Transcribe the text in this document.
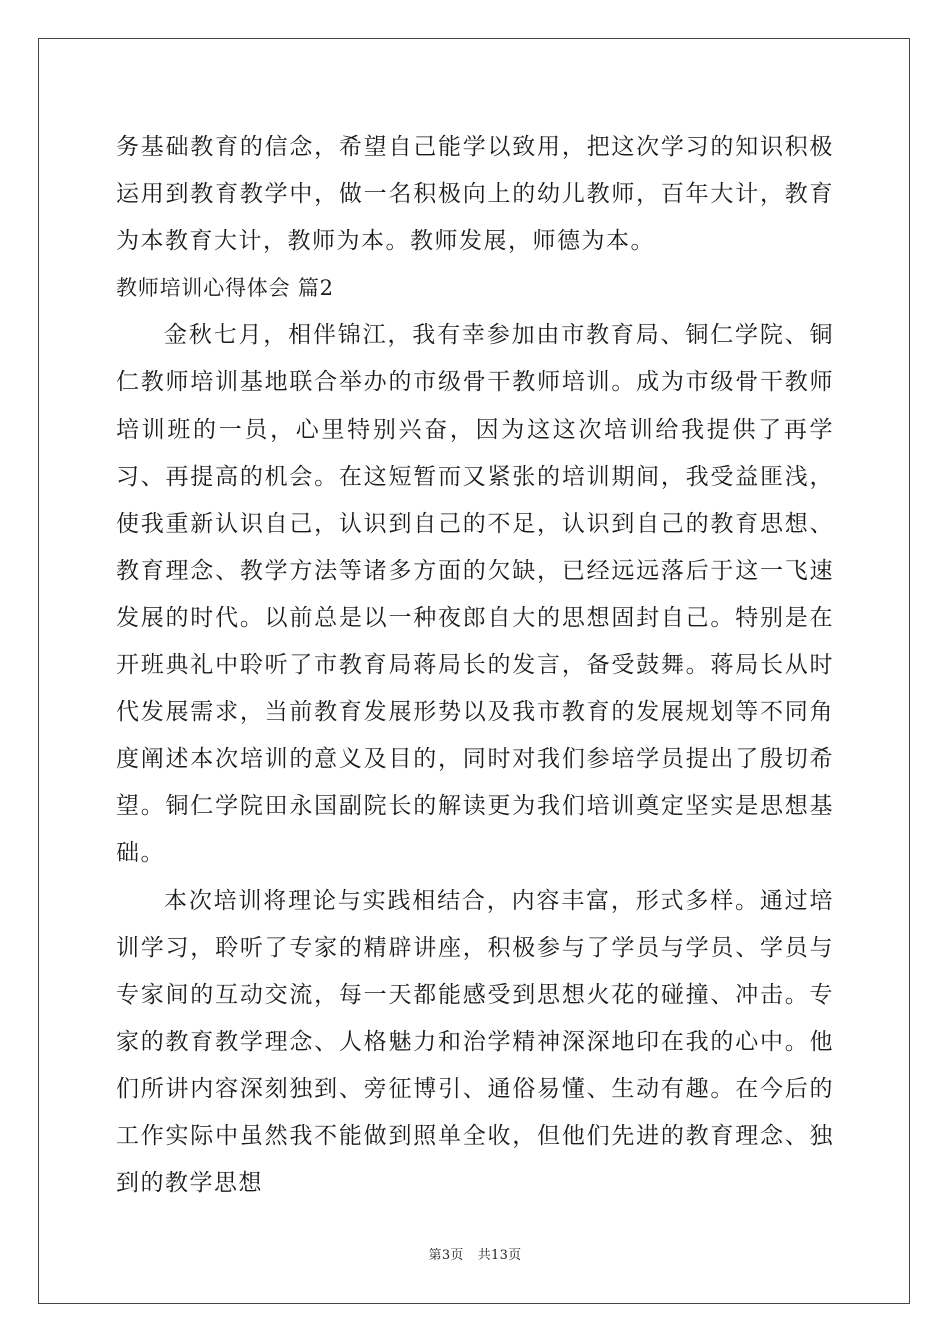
务基础教育的信念，希望自己能学以致用，把这次学习的知识积极运用到教育教学中，做一名积极向上的幼儿教师，百年大计，教育为本教育大计，教师为本。教师发展，师德为本。

教师培训心得体会 篇2

金秋七月，相伴锦江，我有幸参加由市教育局、铜仁学院、铜仁教师培训基地联合举办的市级骨干教师培训。成为市级骨干教师培训班的一员，心里特别兴奋，因为这这次培训给我提供了再学习、再提高的机会。在这短暂而又紧张的培训期间，我受益匪浅，使我重新认识自己，认识到自己的不足，认识到自己的教育思想、教育理念、教学方法等诸多方面的欠缺，已经远远落后于这一飞速发展的时代。以前总是以一种夜郎自大的思想固封自己。特别是在开班典礼中聆听了市教育局蒋局长的发言，备受鼓舞。蒋局长从时代发展需求，当前教育发展形势以及我市教育的发展规划等不同角度阐述本次培训的意义及目的，同时对我们参培学员提出了殷切希望。铜仁学院田永国副院长的解读更为我们培训奠定坚实是思想基础。

本次培训将理论与实践相结合，内容丰富，形式多样。通过培训学习，聆听了专家的精辟讲座，积极参与了学员与学员、学员与专家间的互动交流，每一天都能感受到思想火花的碰撞、冲击。专家的教育教学理念、人格魅力和治学精神深深地印在我的心中。他们所讲内容深刻独到、旁征博引、通俗易懂、生动有趣。在今后的工作实际中虽然我不能做到照单全收，但他们先进的教育理念、独到的教学思想

第3页 共13页
